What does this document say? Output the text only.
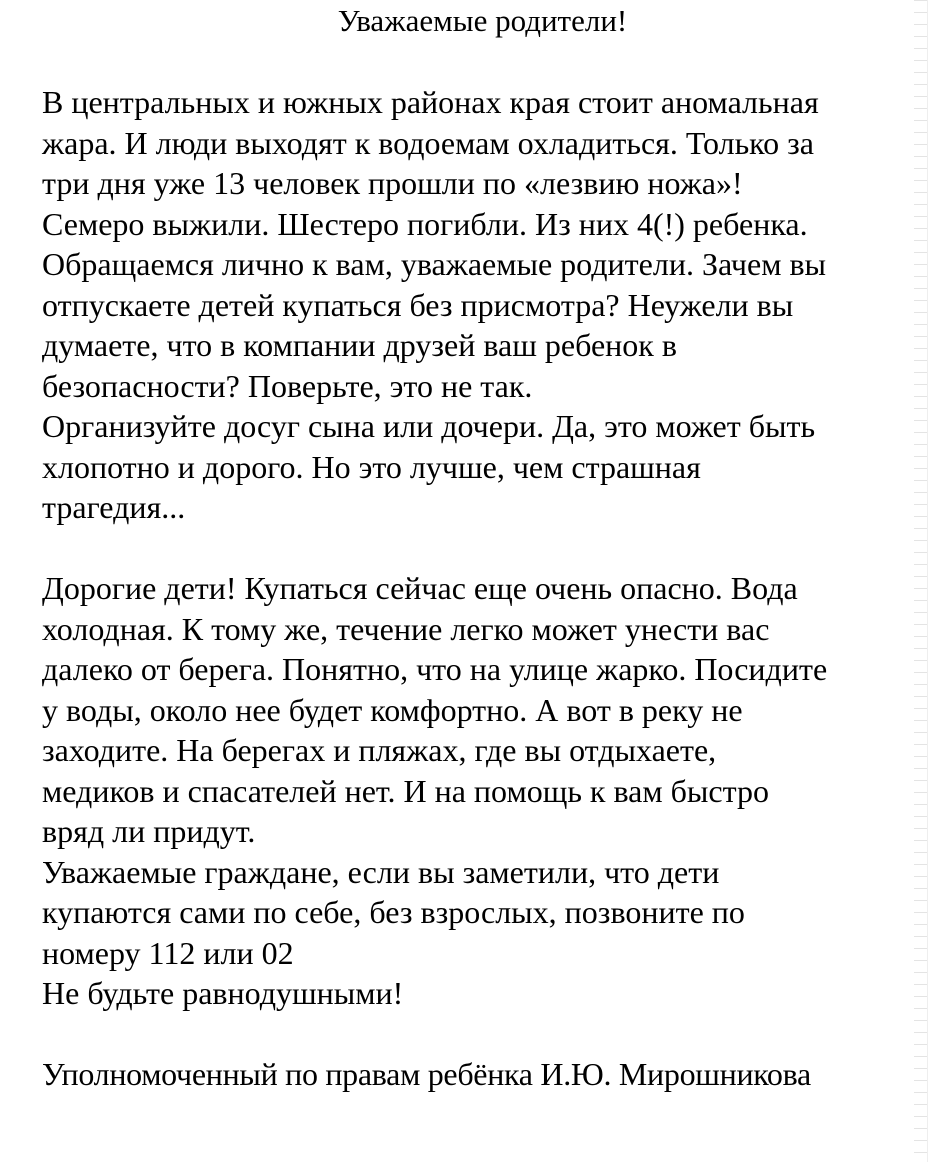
Уважаемые родители!
В центральных и южных районах края стоит аномальная
жара. И люди выходят к водоемам охладиться. Только за
три дня уже 13 человек прошли по «лезвию ножа»!
Семеро выжили. Шестеро погибли. Из них 4(!) ребенка.
Обращаемся лично к вам, уважаемые родители. Зачем вы
отпускаете детей купаться без присмотра? Неужели вы
думаете, что в компании друзей ваш ребенок в
безопасности? Поверьте, это не так.
Организуйте досуг сына или дочери. Да, это может быть
хлопотно и дорого. Но это лучше, чем страшная
трагедия...
Дорогие дети! Купаться сейчас еще очень опасно. Вода
холодная. К тому же, течение легко может унести вас
далеко от берега. Понятно, что на улице жарко. Посидите
у воды, около нее будет комфортно. А вот в реку не
заходите. На берегах и пляжах, где вы отдыхаете,
медиков и спасателей нет. И на помощь к вам быстро
вряд ли придут.
Уважаемые граждане, если вы заметили, что дети
купаются сами по себе, без взрослых, позвоните по
номеру 112 или 02
Не будьте равнодушными!
Уполномоченный по правам ребёнка И.Ю. Мирошникова
